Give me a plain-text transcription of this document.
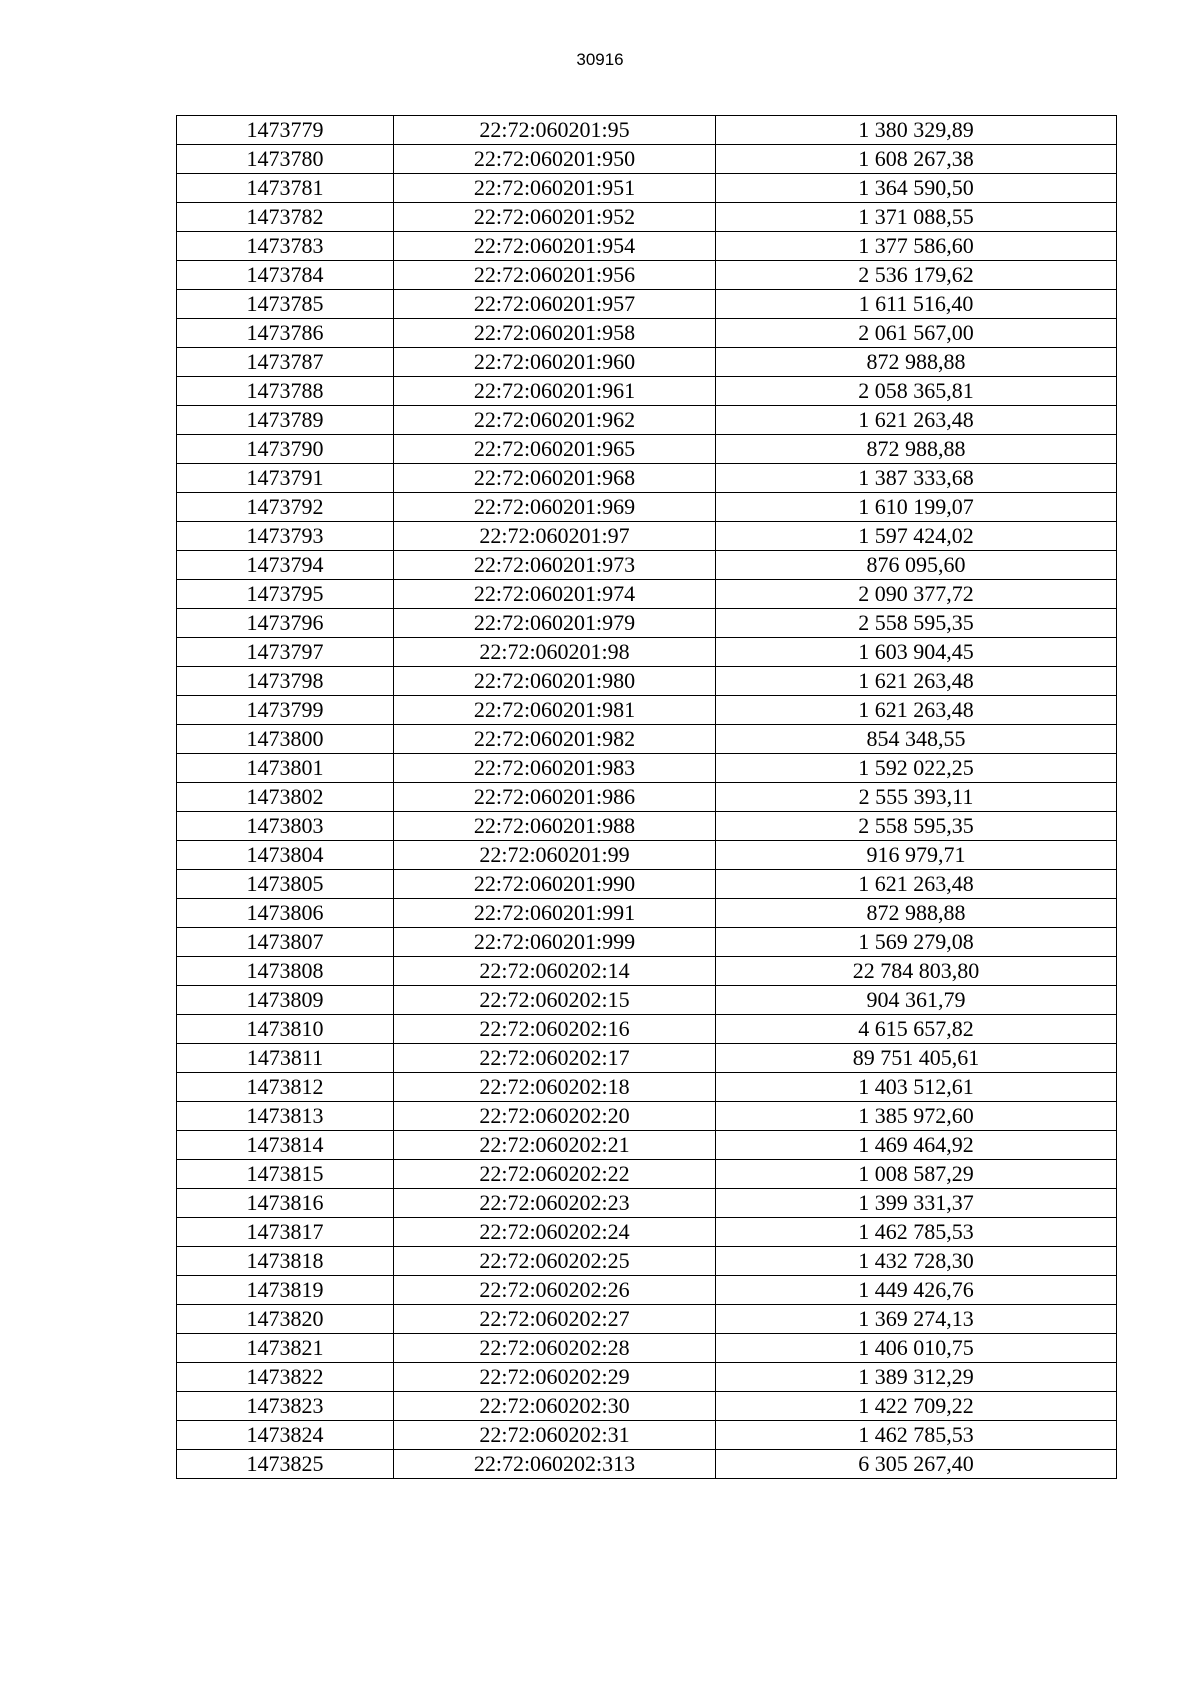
30916
1473779	22:72:060201:95	1 380 329,89
1473780	22:72:060201:950	1 608 267,38
1473781	22:72:060201:951	1 364 590,50
1473782	22:72:060201:952	1 371 088,55
1473783	22:72:060201:954	1 377 586,60
1473784	22:72:060201:956	2 536 179,62
1473785	22:72:060201:957	1 611 516,40
1473786	22:72:060201:958	2 061 567,00
1473787	22:72:060201:960	872 988,88
1473788	22:72:060201:961	2 058 365,81
1473789	22:72:060201:962	1 621 263,48
1473790	22:72:060201:965	872 988,88
1473791	22:72:060201:968	1 387 333,68
1473792	22:72:060201:969	1 610 199,07
1473793	22:72:060201:97	1 597 424,02
1473794	22:72:060201:973	876 095,60
1473795	22:72:060201:974	2 090 377,72
1473796	22:72:060201:979	2 558 595,35
1473797	22:72:060201:98	1 603 904,45
1473798	22:72:060201:980	1 621 263,48
1473799	22:72:060201:981	1 621 263,48
1473800	22:72:060201:982	854 348,55
1473801	22:72:060201:983	1 592 022,25
1473802	22:72:060201:986	2 555 393,11
1473803	22:72:060201:988	2 558 595,35
1473804	22:72:060201:99	916 979,71
1473805	22:72:060201:990	1 621 263,48
1473806	22:72:060201:991	872 988,88
1473807	22:72:060201:999	1 569 279,08
1473808	22:72:060202:14	22 784 803,80
1473809	22:72:060202:15	904 361,79
1473810	22:72:060202:16	4 615 657,82
1473811	22:72:060202:17	89 751 405,61
1473812	22:72:060202:18	1 403 512,61
1473813	22:72:060202:20	1 385 972,60
1473814	22:72:060202:21	1 469 464,92
1473815	22:72:060202:22	1 008 587,29
1473816	22:72:060202:23	1 399 331,37
1473817	22:72:060202:24	1 462 785,53
1473818	22:72:060202:25	1 432 728,30
1473819	22:72:060202:26	1 449 426,76
1473820	22:72:060202:27	1 369 274,13
1473821	22:72:060202:28	1 406 010,75
1473822	22:72:060202:29	1 389 312,29
1473823	22:72:060202:30	1 422 709,22
1473824	22:72:060202:31	1 462 785,53
1473825	22:72:060202:313	6 305 267,40
